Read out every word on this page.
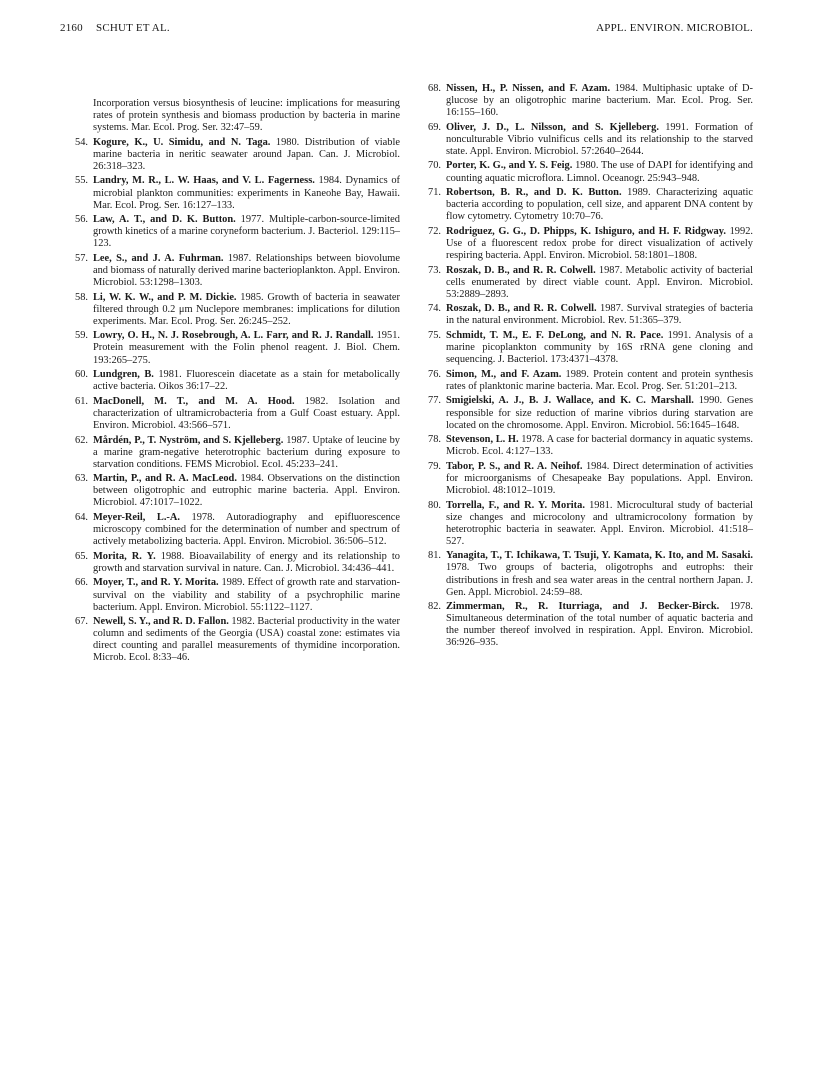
2160 SCHUT ET AL.	APPL. ENVIRON. MICROBIOL.

Incorporation versus biosynthesis of leucine: implications for measuring rates of protein synthesis and biomass production by bacteria in marine systems. Mar. Ecol. Prog. Ser. 32:47–59.

54. Kogure, K., U. Simidu, and N. Taga. 1980. Distribution of viable marine bacteria in neritic seawater around Japan. Can. J. Microbiol. 26:318–323.

55. Landry, M. R., L. W. Haas, and V. L. Fagerness. 1984. Dynamics of microbial plankton communities: experiments in Kaneohe Bay, Hawaii. Mar. Ecol. Prog. Ser. 16:127–133.

56. Law, A. T., and D. K. Button. 1977. Multiple-carbon-source-limited growth kinetics of a marine coryneform bacterium. J. Bacteriol. 129:115–123.

57. Lee, S., and J. A. Fuhrman. 1987. Relationships between biovolume and biomass of naturally derived marine bacterioplankton. Appl. Environ. Microbiol. 53:1298–1303.

58. Li, W. K. W., and P. M. Dickie. 1985. Growth of bacteria in seawater filtered through 0.2 μm Nuclepore membranes: implications for dilution experiments. Mar. Ecol. Prog. Ser. 26:245–252.

59. Lowry, O. H., N. J. Rosebrough, A. L. Farr, and R. J. Randall. 1951. Protein measurement with the Folin phenol reagent. J. Biol. Chem. 193:265–275.

60. Lundgren, B. 1981. Fluorescein diacetate as a stain for metabolically active bacteria. Oikos 36:17–22.

61. MacDonell, M. T., and M. A. Hood. 1982. Isolation and characterization of ultramicrobacteria from a Gulf Coast estuary. Appl. Environ. Microbiol. 43:566–571.

62. Mårdén, P., T. Nyström, and S. Kjelleberg. 1987. Uptake of leucine by a marine gram-negative heterotrophic bacterium during exposure to starvation conditions. FEMS Microbiol. Ecol. 45:233–241.

63. Martin, P., and R. A. MacLeod. 1984. Observations on the distinction between oligotrophic and eutrophic marine bacteria. Appl. Environ. Microbiol. 47:1017–1022.

64. Meyer-Reil, L.-A. 1978. Autoradiography and epifluorescence microscopy combined for the determination of number and spectrum of actively metabolizing bacteria. Appl. Environ. Microbiol. 36:506–512.

65. Morita, R. Y. 1988. Bioavailability of energy and its relationship to growth and starvation survival in nature. Can. J. Microbiol. 34:436–441.

66. Moyer, T., and R. Y. Morita. 1989. Effect of growth rate and starvation-survival on the viability and stability of a psychrophilic marine bacterium. Appl. Environ. Microbiol. 55:1122–1127.

67. Newell, S. Y., and R. D. Fallon. 1982. Bacterial productivity in the water column and sediments of the Georgia (USA) coastal zone: estimates via direct counting and parallel measurements of thymidine incorporation. Microb. Ecol. 8:33–46.

68. Nissen, H., P. Nissen, and F. Azam. 1984. Multiphasic uptake of D-glucose by an oligotrophic marine bacterium. Mar. Ecol. Prog. Ser. 16:155–160.

69. Oliver, J. D., L. Nilsson, and S. Kjelleberg. 1991. Formation of nonculturable Vibrio vulnificus cells and its relationship to the starved state. Appl. Environ. Microbiol. 57:2640–2644.

70. Porter, K. G., and Y. S. Feig. 1980. The use of DAPI for identifying and counting aquatic microflora. Limnol. Oceanogr. 25:943–948.

71. Robertson, B. R., and D. K. Button. 1989. Characterizing aquatic bacteria according to population, cell size, and apparent DNA content by flow cytometry. Cytometry 10:70–76.

72. Rodriguez, G. G., D. Phipps, K. Ishiguro, and H. F. Ridgway. 1992. Use of a fluorescent redox probe for direct visualization of actively respiring bacteria. Appl. Environ. Microbiol. 58:1801–1808.

73. Roszak, D. B., and R. R. Colwell. 1987. Metabolic activity of bacterial cells enumerated by direct viable count. Appl. Environ. Microbiol. 53:2889–2893.

74. Roszak, D. B., and R. R. Colwell. 1987. Survival strategies of bacteria in the natural environment. Microbiol. Rev. 51:365–379.

75. Schmidt, T. M., E. F. DeLong, and N. R. Pace. 1991. Analysis of a marine picoplankton community by 16S rRNA gene cloning and sequencing. J. Bacteriol. 173:4371–4378.

76. Simon, M., and F. Azam. 1989. Protein content and protein synthesis rates of planktonic marine bacteria. Mar. Ecol. Prog. Ser. 51:201–213.

77. Smigielski, A. J., B. J. Wallace, and K. C. Marshall. 1990. Genes responsible for size reduction of marine vibrios during starvation are located on the chromosome. Appl. Environ. Microbiol. 56:1645–1648.

78. Stevenson, L. H. 1978. A case for bacterial dormancy in aquatic systems. Microb. Ecol. 4:127–133.

79. Tabor, P. S., and R. A. Neihof. 1984. Direct determination of activities for microorganisms of Chesapeake Bay populations. Appl. Environ. Microbiol. 48:1012–1019.

80. Torrella, F., and R. Y. Morita. 1981. Microcultural study of bacterial size changes and microcolony and ultramicrocolony formation by heterotrophic bacteria in seawater. Appl. Environ. Microbiol. 41:518–527.

81. Yanagita, T., T. Ichikawa, T. Tsuji, Y. Kamata, K. Ito, and M. Sasaki. 1978. Two groups of bacteria, oligotrophs and eutrophs: their distributions in fresh and sea water areas in the central northern Japan. J. Gen. Appl. Microbiol. 24:59–88.

82. Zimmerman, R., R. Iturriaga, and J. Becker-Birck. 1978. Simultaneous determination of the total number of aquatic bacteria and the number thereof involved in respiration. Appl. Environ. Microbiol. 36:926–935.
